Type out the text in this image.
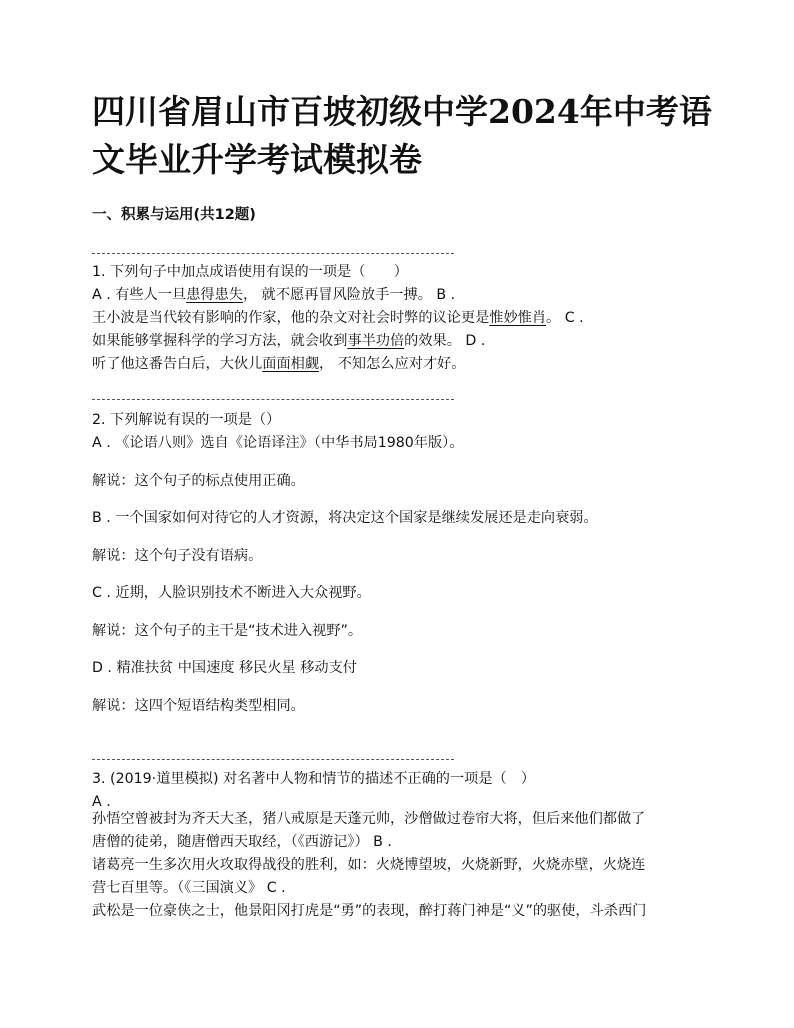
四川省眉山市百坡初级中学2024年中考语文毕业升学考试模拟卷
一、积累与运用(共12题)
1. 下列句子中加点成语使用有误的一项是（　　）
A . 有些人一旦患得患失， 就不愿再冒风险放手一搏。 B .
王小波是当代较有影响的作家，他的杂文对社会时弊的议论更是惟妙惟肖。 C .
如果能够掌握科学的学习方法，就会收到事半功倍的效果。 D .
听了他这番告白后，大伙儿面面相觑， 不知怎么应对才好。
2. 下列解说有误的一项是（）
A . 《论语八则》选自《论语译注》（中华书局1980年版）。
解说：这个句子的标点使用正确。
B . 一个国家如何对待它的人才资源，将决定这个国家是继续发展还是走向衰弱。
解说：这个句子没有语病。
C . 近期，人脸识别技术不断进入大众视野。
解说：这个句子的主干是“技术进入视野”。
D . 精准扶贫 中国速度 移民火星 移动支付
解说：这四个短语结构类型相同。
3. (2019·道里模拟) 对名著中人物和情节的描述不正确的一项是（　）
A .
孙悟空曾被封为齐天大圣，猪八戒原是天蓬元帅，沙僧做过卷帘大将，但后来他们都做了
唐僧的徒弟，随唐僧西天取经，（《西游记》） B .
诸葛亮一生多次用火攻取得战役的胜利，如：火烧博望坡，火烧新野，火烧赤壁，火烧连
营七百里等。（《三国演义》 C .
武松是一位豪侠之士，他景阳冈打虎是“勇”的表现，醉打蒋门神是“义”的驱使，斗杀西门
